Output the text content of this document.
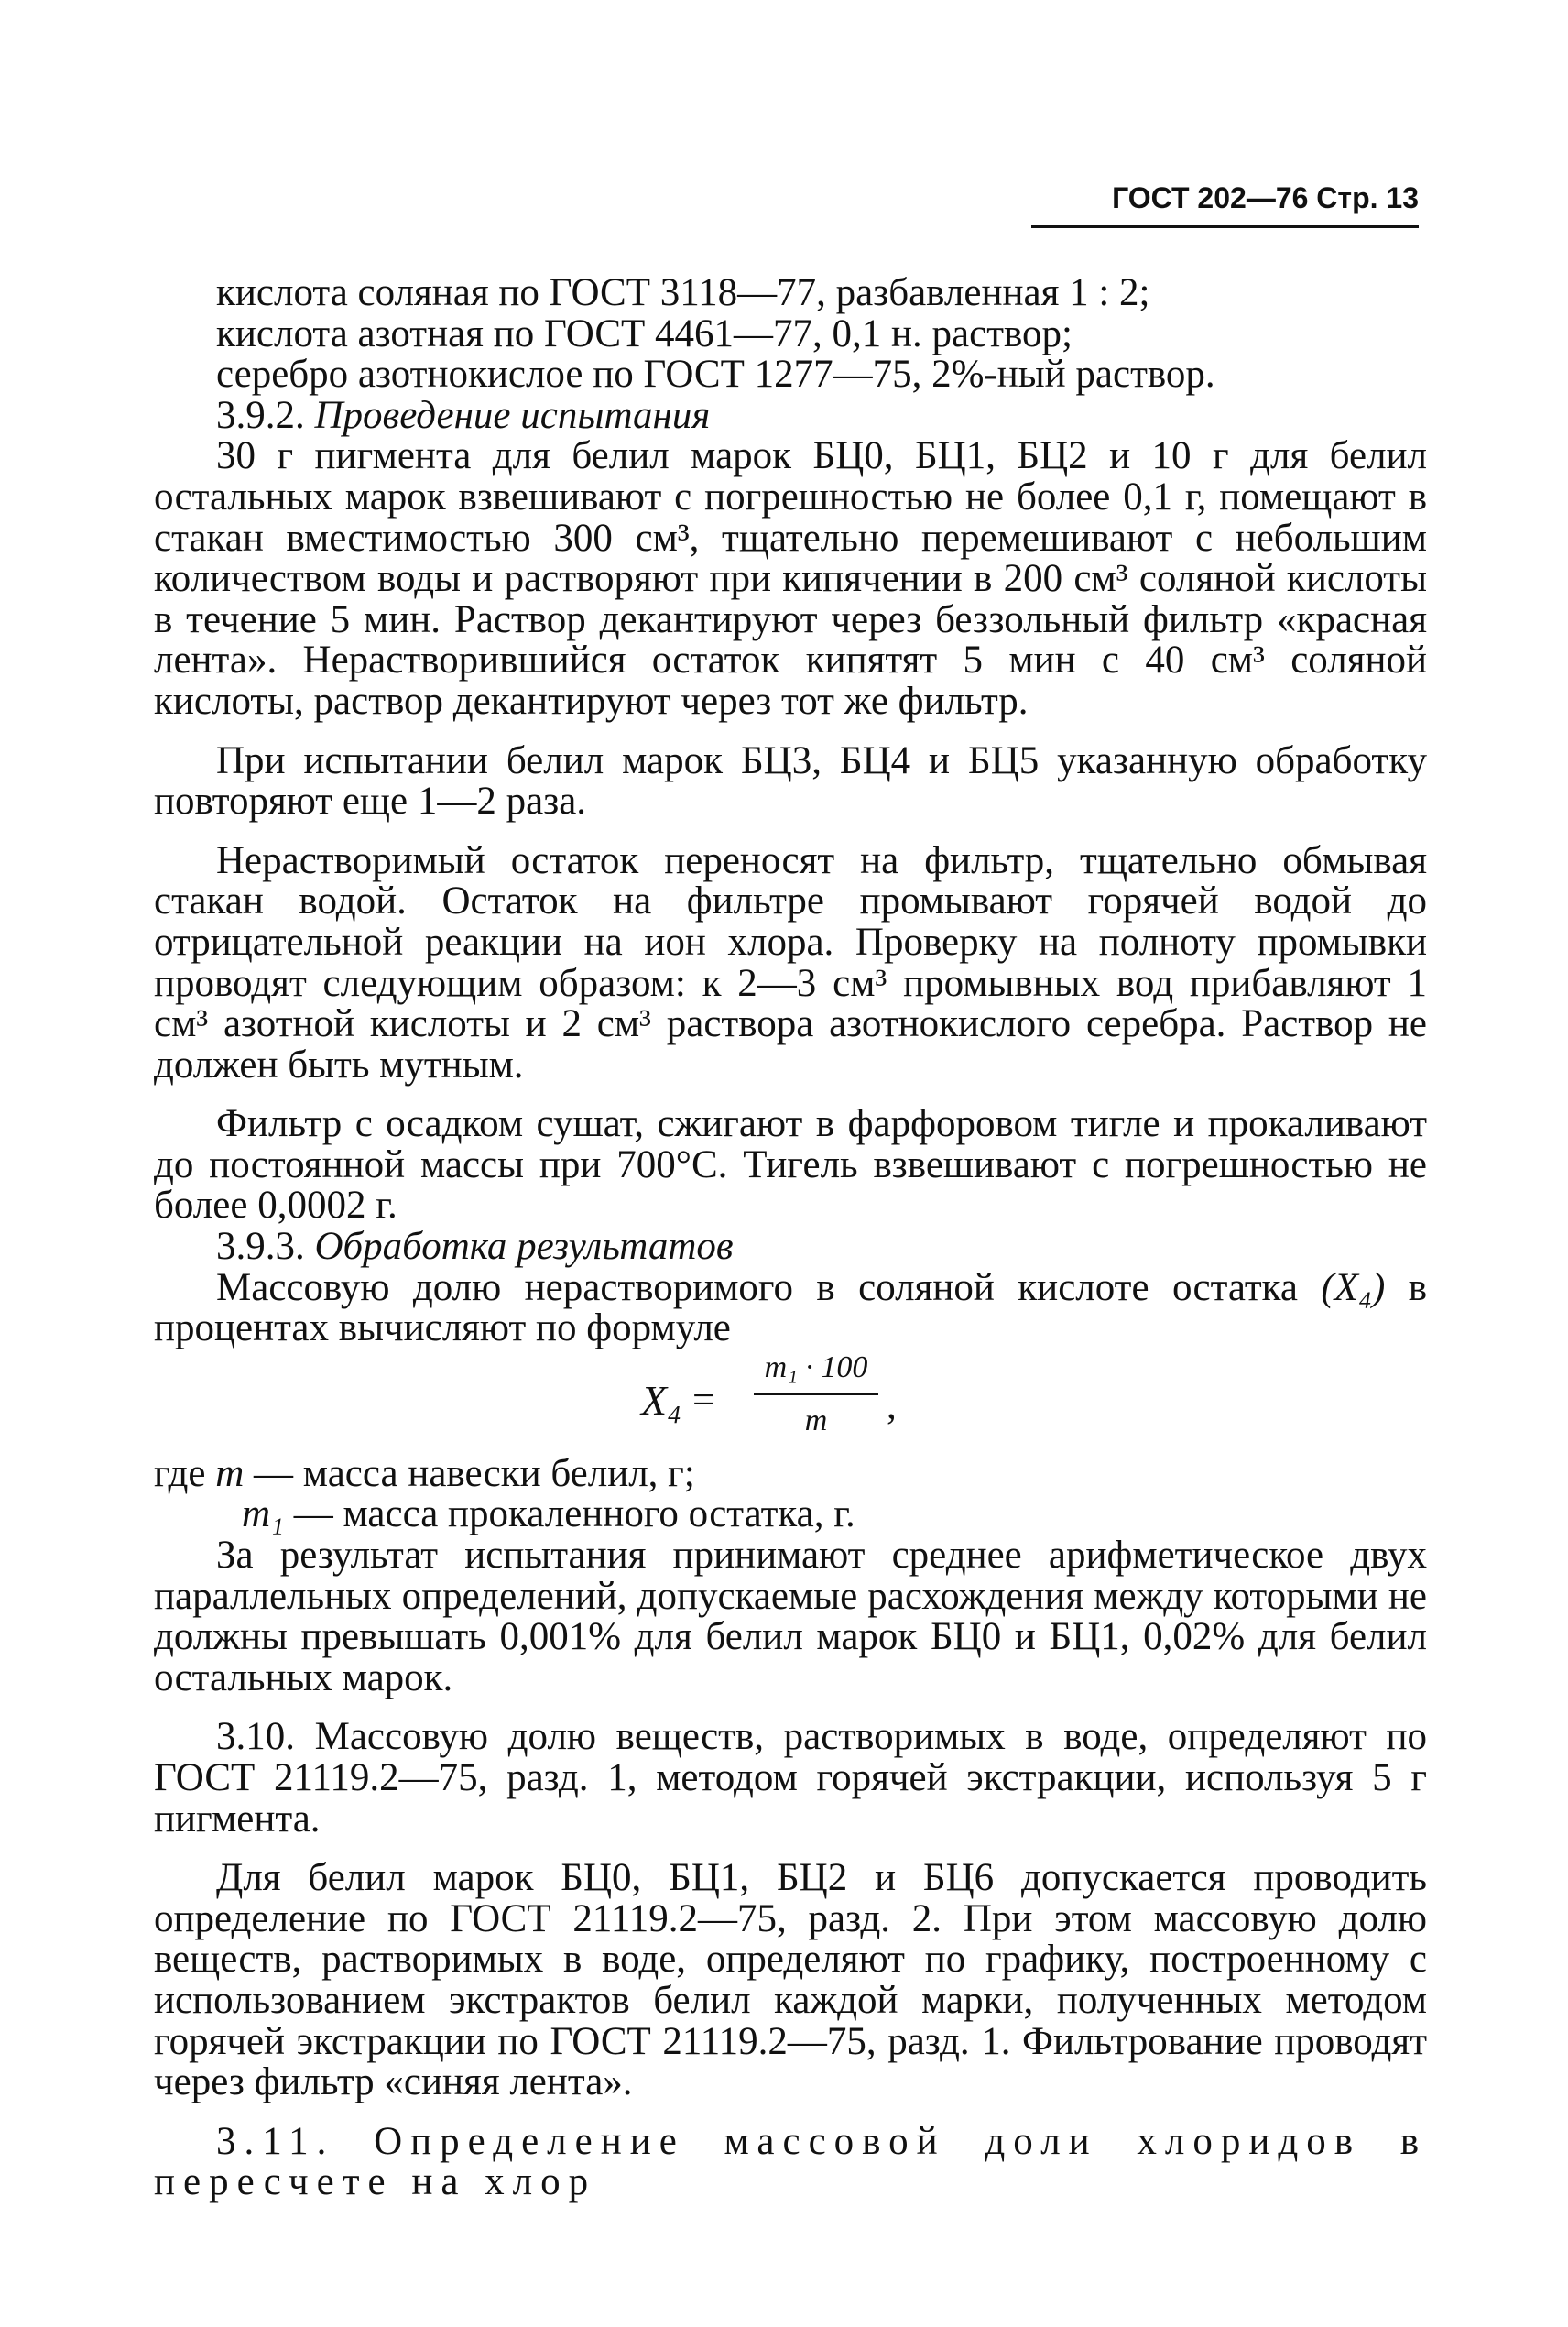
ГОСТ 202—76 Стр. 13

кислота соляная по ГОСТ 3118—77, разбавленная 1 : 2;

кислота азотная по ГОСТ 4461—77, 0,1 н. раствор;

серебро азотнокислое по ГОСТ 1277—75, 2%-ный раствор.

3.9.2. Проведение испытания

30 г пигмента для белил марок БЦ0, БЦ1, БЦ2 и 10 г для белил остальных марок взвешивают с погрешностью не более 0,1 г, помещают в стакан вместимостью 300 см³, тщательно перемешивают с небольшим количеством воды и растворяют при кипячении в 200 см³ соляной кислоты в течение 5 мин. Раствор декантируют через беззольный фильтр «красная лента». Нерастворившийся остаток кипятят 5 мин с 40 см³ соляной кислоты, раствор декантируют через тот же фильтр.

При испытании белил марок БЦ3, БЦ4 и БЦ5 указанную обработку повторяют еще 1—2 раза.

Нерастворимый остаток переносят на фильтр, тщательно обмывая стакан водой. Остаток на фильтре промывают горячей водой до отрицательной реакции на ион хлора. Проверку на полноту промывки проводят следующим образом: к 2—3 см³ промывных вод прибавляют 1 см³ азотной кислоты и 2 см³ раствора азотнокислого серебра. Раствор не должен быть мутным.

Фильтр с осадком сушат, сжигают в фарфоровом тигле и прокаливают до постоянной массы при 700°С. Тигель взвешивают с погрешностью не более 0,0002 г.

3.9.3. Обработка результатов

Массовую долю нерастворимого в соляной кислоте остатка (X₄) в процентах вычисляют по формуле

X₄ =
m₁ · 100
m	,

где m — масса навески белил, г;

m₁ — масса прокаленного остатка, г.

За результат испытания принимают среднее арифметическое двух параллельных определений, допускаемые расхождения между которыми не должны превышать 0,001% для белил марок БЦ0 и БЦ1, 0,02% для белил остальных марок.

3.10. Массовую долю веществ, растворимых в воде, определяют по ГОСТ 21119.2—75, разд. 1, методом горячей экстракции, используя 5 г пигмента.

Для белил марок БЦ0, БЦ1, БЦ2 и БЦ6 допускается проводить определение по ГОСТ 21119.2—75, разд. 2. При этом массовую долю веществ, растворимых в воде, определяют по графику, построенному с использованием экстрактов белил каждой марки, полученных методом горячей экстракции по ГОСТ 21119.2—75, разд. 1. Фильтрование проводят через фильтр «синяя лента».

3.11. Определение массовой доли хлоридов в пересчете на хлор
